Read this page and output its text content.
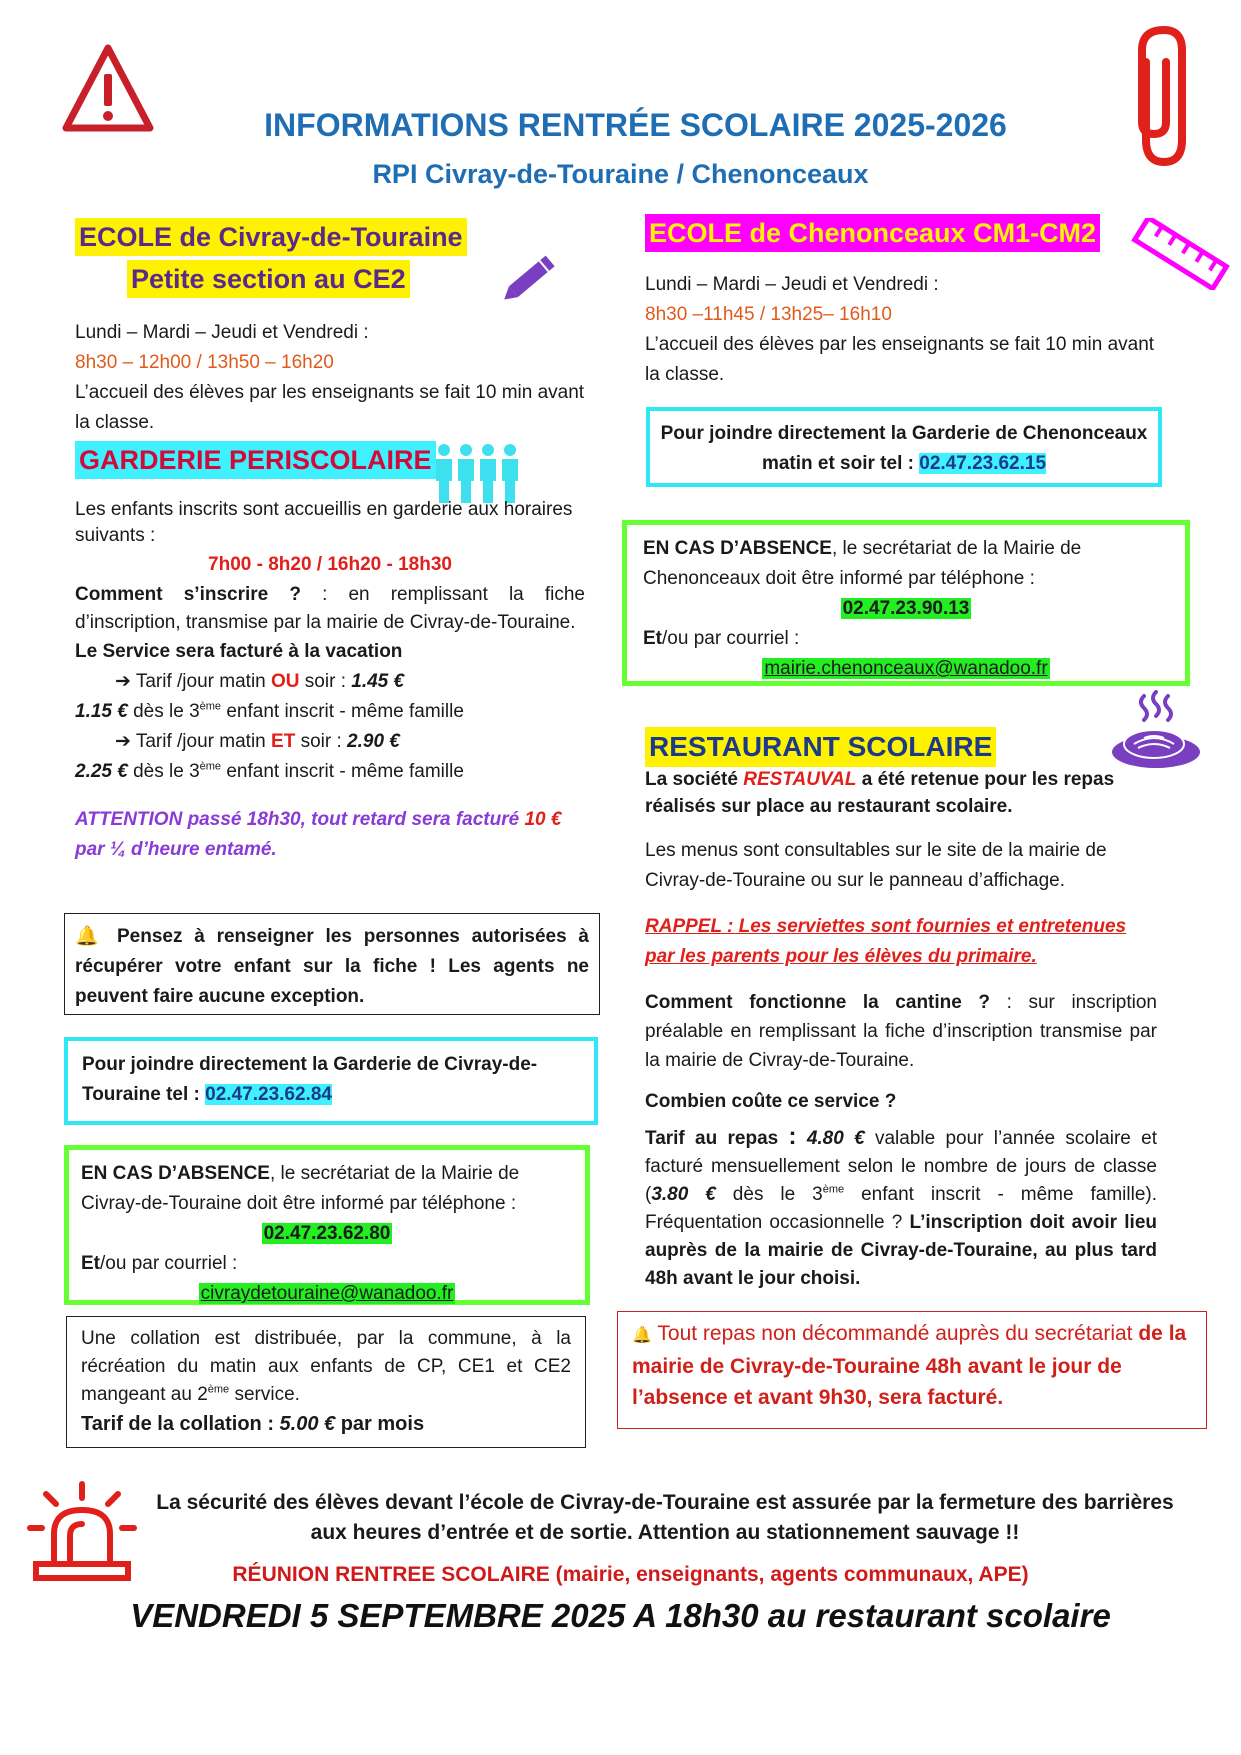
INFORMATIONS RENTRÉE SCOLAIRE 2025-2026
RPI Civray-de-Touraine / Chenonceaux
ECOLE de Civray-de-Touraine
Petite section au CE2
Lundi – Mardi – Jeudi et Vendredi :
8h30 – 12h00 / 13h50 – 16h20
L’accueil des élèves par les enseignants se fait 10 min avant la classe.
GARDERIE PERISCOLAIRE
Les enfants inscrits sont accueillis en garderie aux horaires suivants :
7h00 - 8h20 / 16h20 - 18h30
Comment s’inscrire ? : en remplissant la fiche d’inscription, transmise par la mairie de Civray-de-Touraine.
Le Service sera facturé à la vacation
➔ Tarif /jour matin OU soir : 1.45 €
1.15 € dès le 3ème enfant inscrit - même famille
➔ Tarif /jour matin ET soir : 2.90 €
2.25 € dès le 3ème enfant inscrit - même famille
ATTENTION passé 18h30, tout retard sera facturé 10 € par ¼ d’heure entamé.
🔔 Pensez à renseigner les personnes autorisées à récupérer votre enfant sur la fiche ! Les agents ne peuvent faire aucune exception.
Pour joindre directement la Garderie de Civray-de-Touraine tel : 02.47.23.62.84
EN CAS D’ABSENCE, le secrétariat de la Mairie de Civray-de-Touraine doit être informé par téléphone :
02.47.23.62.80
Et/ou par courriel :
civraydetouraine@wanadoo.fr
Une collation est distribuée, par la commune, à la récréation du matin aux enfants de CP, CE1 et CE2 mangeant au 2ème service.
Tarif de la collation : 5.00 € par mois
ECOLE de Chenonceaux CM1-CM2
Lundi – Mardi – Jeudi et Vendredi :
8h30 –11h45 / 13h25– 16h10
L’accueil des élèves par les enseignants se fait 10 min avant la classe.
Pour joindre directement la Garderie de Chenonceaux matin et soir tel : 02.47.23.62.15
EN CAS D’ABSENCE, le secrétariat de la Mairie de Chenonceaux doit être informé par téléphone :
02.47.23.90.13
Et/ou par courriel :
mairie.chenonceaux@wanadoo.fr
RESTAURANT SCOLAIRE
La société RESTAUVAL a été retenue pour les repas réalisés sur place au restaurant scolaire.
Les menus sont consultables sur le site de la mairie de Civray-de-Touraine ou sur le panneau d’affichage.
RAPPEL : Les serviettes sont fournies et entretenues
par les parents pour les élèves du primaire.
Comment fonctionne la cantine ? : sur inscription préalable en remplissant la fiche d’inscription transmise par la mairie de Civray-de-Touraine.
Combien coûte ce service ?
Tarif au repas : 4.80 € valable pour l’année scolaire et facturé mensuellement selon le nombre de jours de classe (3.80 € dès le 3ème enfant inscrit - même famille). Fréquentation occasionnelle ? L’inscription doit avoir lieu auprès de la mairie de Civray-de-Touraine, au plus tard 48h avant le jour choisi.
🔔 Tout repas non décommandé auprès du secrétariat de la mairie de Civray-de-Touraine 48h avant le jour de l’absence et avant 9h30, sera facturé.
La sécurité des élèves devant l’école de Civray-de-Touraine est assurée par la fermeture des barrières
aux heures d’entrée et de sortie. Attention au stationnement sauvage !!
RÉUNION RENTREE SCOLAIRE (mairie, enseignants, agents communaux, APE)
VENDREDI 5 SEPTEMBRE 2025 A 18h30 au restaurant scolaire
